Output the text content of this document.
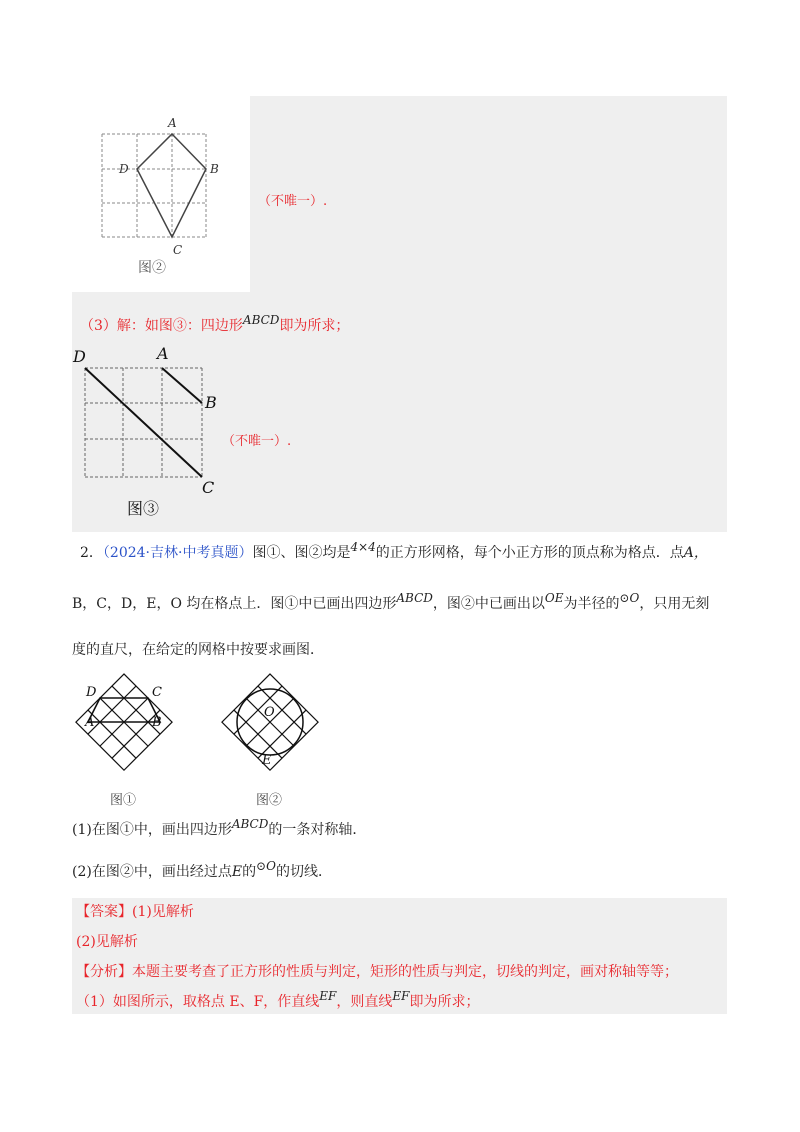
A
B
C
D
图②
（不唯一）.
（3）解：如图③：四边形ABCD即为所求；
D	A
B
C
图③
（不唯一）.
2．（2024·吉林·中考真题）图①、图②均是4×4的正方形网格，每个小正方形的顶点称为格点．点A，
B，C，D，E，O 均在格点上．图①中已画出四边形ABCD，图②中已画出以OE为半径的⊙O，只用无刻
度的直尺，在给定的网格中按要求画图．
D	C
A	B
图①
O
E
图②
(1)在图①中，画出四边形ABCD的一条对称轴．
(2)在图②中，画出经过点E的⊙O的切线．
【答案】(1)见解析
(2)见解析
【分析】本题主要考查了正方形的性质与判定，矩形的性质与判定，切线的判定，画对称轴等等；
（1）如图所示，取格点 E、F，作直线EF，则直线EF即为所求；
